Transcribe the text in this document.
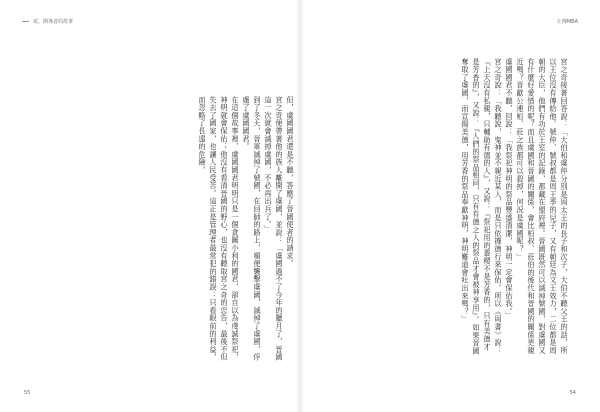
貳、開導者的故事

但，虞國國君還是不聽，答應了晉國使者的請求。

宮之奇便帶著他的族人離開了虞國，並說：「虞國過不了今年的臘月了，晉國這一次就會滅掉虞國，不必再出兵了。」

到了冬天，晉軍滅掉了號國，在回師的路上，順便襲擊虞國，滅掉了虞國，俘虜了虞國國君。

在這個故事裡，虞國國君明明只是一個貪圖小利的國君，卻自以為虔誠祭祀，神明就會保佑；他沒有看清晉國的野心，也沒有聽取宮之奇的忠告，最後不但失去了國家，也讓人民受苦。這正是管理者最常犯的錯誤：只看眼前的利益，而忽略了長遠的危險。

55
左傳MBA

宮之奇接著回答說：「大伯和虞仲分別是周太王的長子和次子，大伯不聽父王的話，所以王位沒有傳給他。號仲、號叔都是周王季的兒子，又有朝廷為文王效力，二位都是周朝的大臣，他們有功於王室的記錄，都藏在盟府裡。晉國既然可以滅掉號國，對虞國又有什麼好愛惜的呢？而且虞國和晉國的關係，會比桓叔、莊伯的後代和晉國的關係更親近嗎？晉獻公連桓、莊之族都可以殺掉，何況是虞國呢？」

虞國國君不聽，回說：「我祭祀神明的祭品豐盛清潔，神明一定會保佑我。」

宮之奇說：「我聽說，鬼神並不親近某人，而是只依據德行來保佑。所以《周書》說：『上天沒有私親，只輔助有德的人』，又說：『祭祀用的黍稷不是芳香的，只有美德才是芳香的』，又說：『人們的祭品相同，只有有德之人的祭品才會被神享用』。如果晉國奪取了虞國，而宣揚美德，用芳香的祭品奉獻神明，神明難道會吐出來嗎？」

54
